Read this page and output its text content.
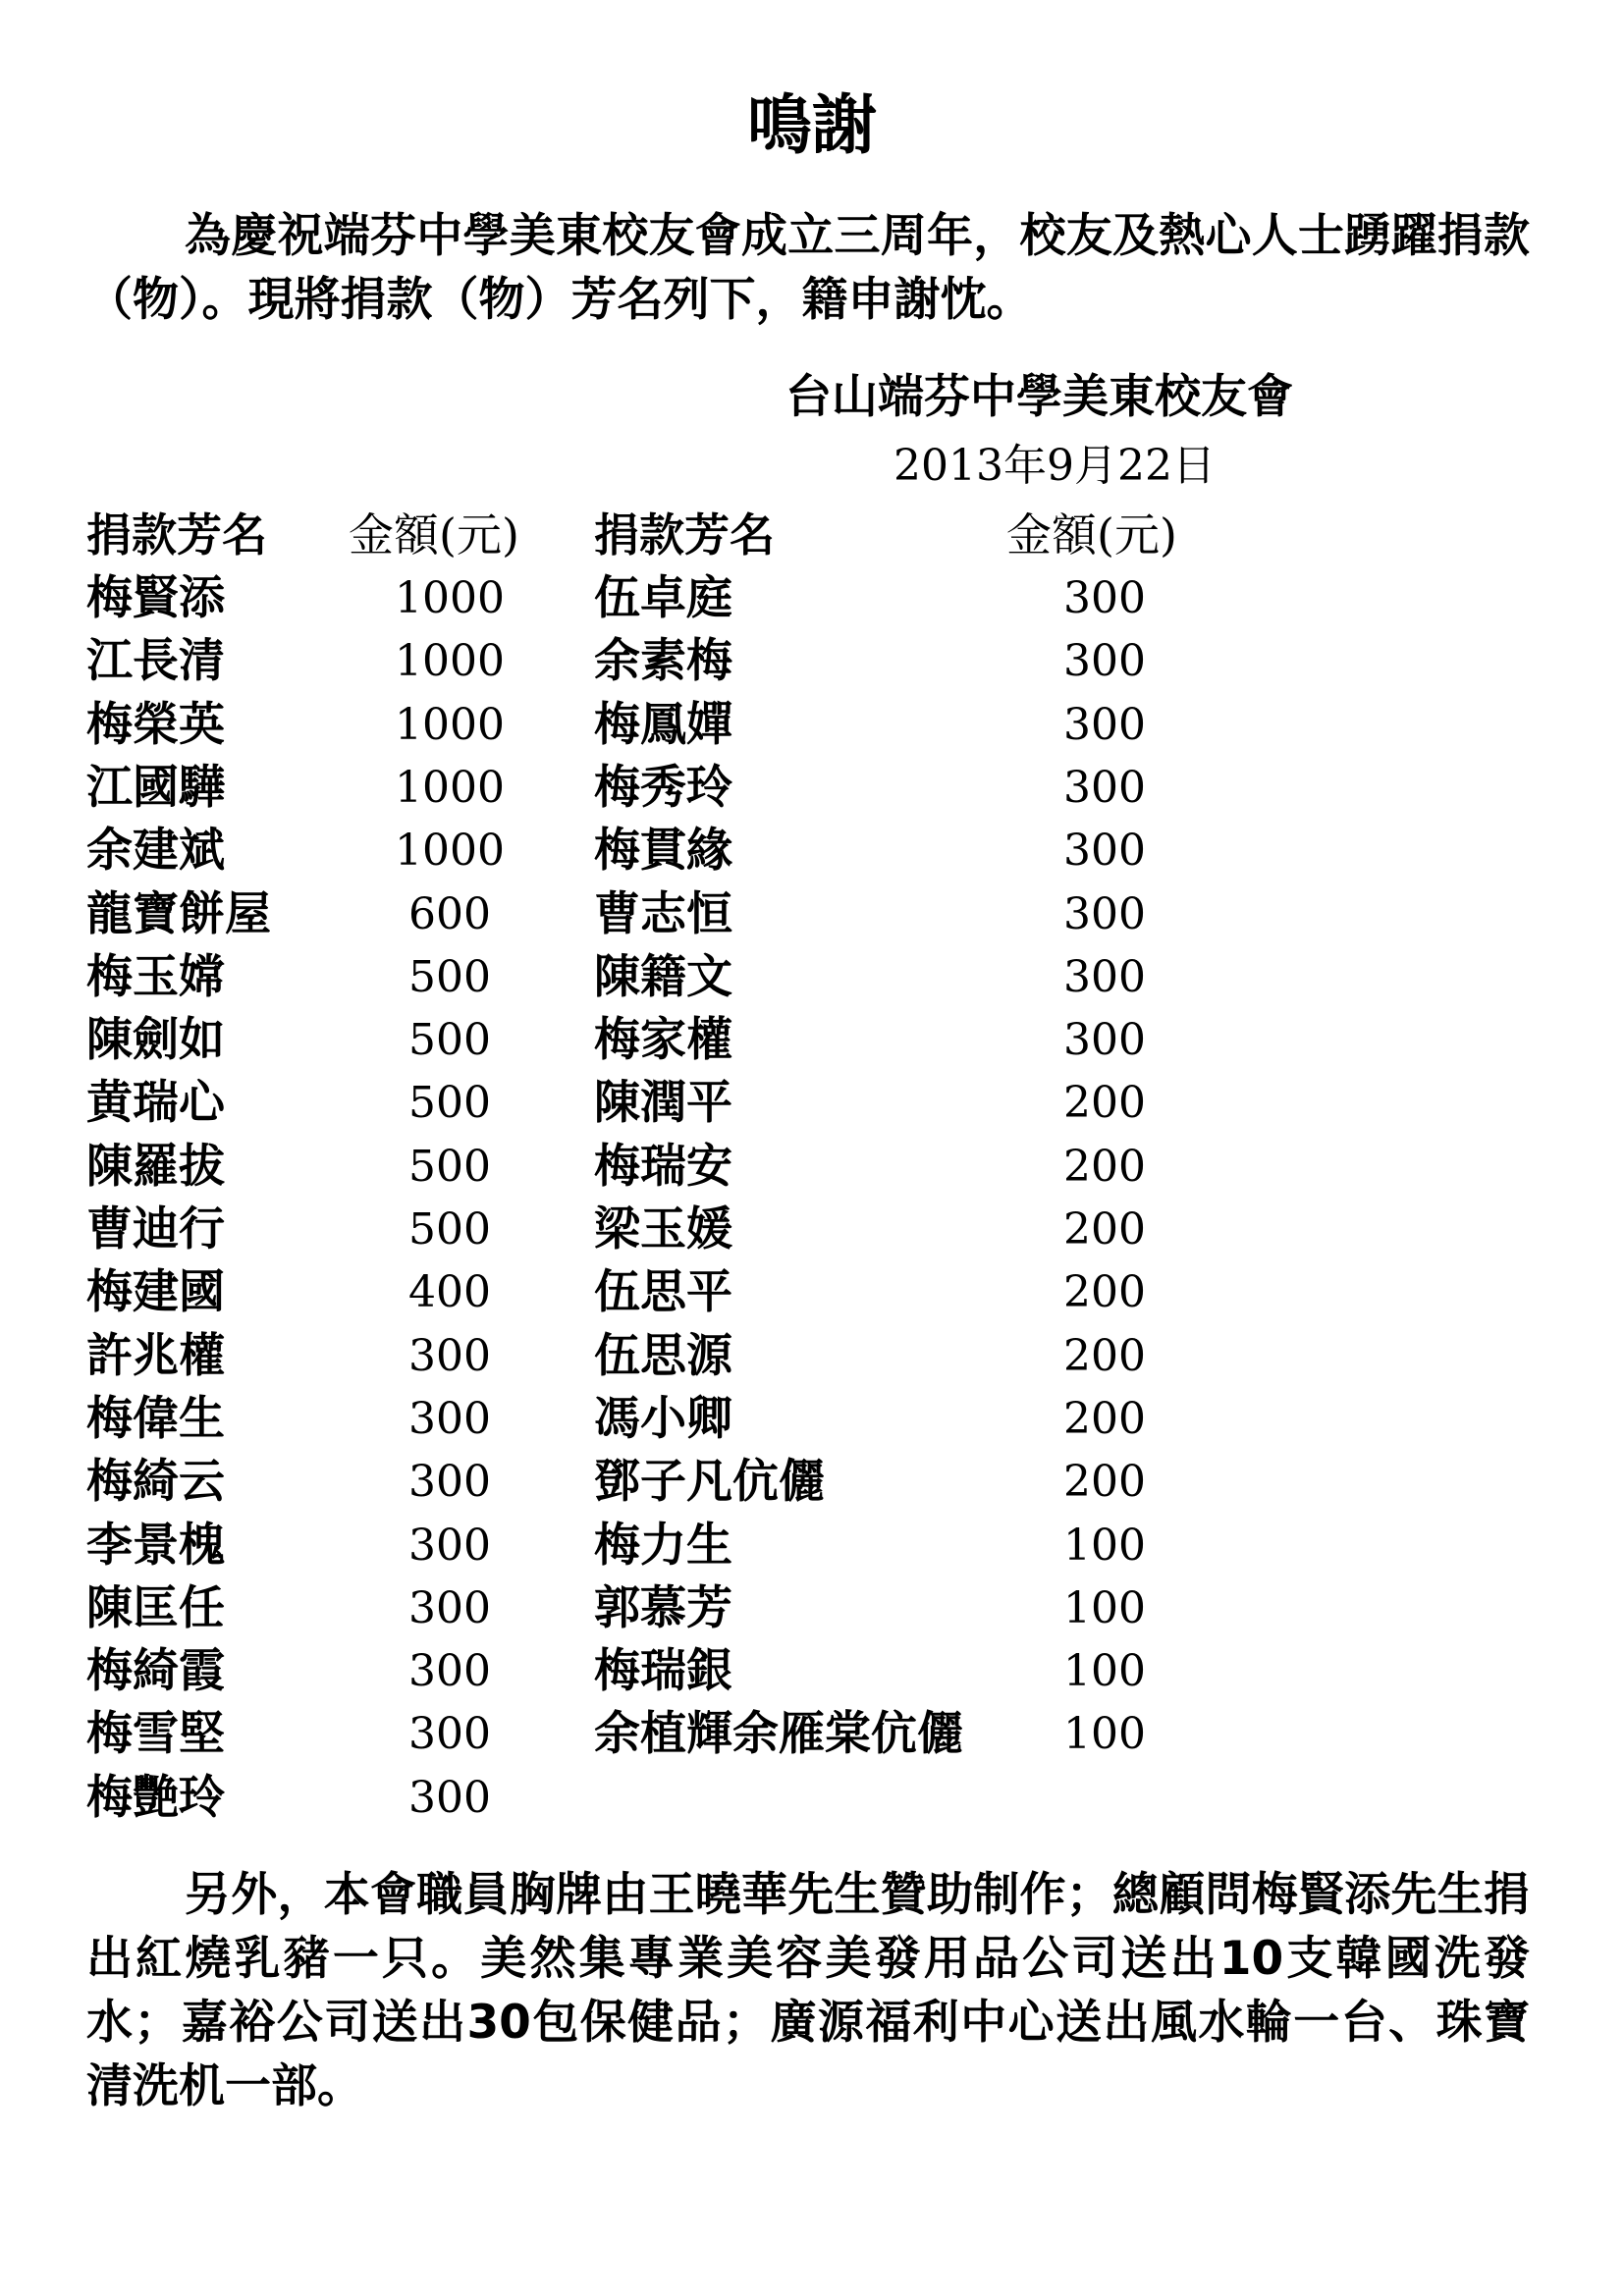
鳴謝
為慶祝端芬中學美東校友會成立三周年，校友及熱心人士踴躍捐款（物）。現將捐款（物）芳名列下，籍申謝忱。
台山端芬中學美東校友會
2013年9月22日
捐款芳名 金額(元) 捐款芳名	金額(元)
梅賢添	1000	伍卓庭	300
江長清	1000	余素梅	300
梅榮英	1000	梅鳳嬋	300
江國驊	1000	梅秀玲	300
余建斌	1000	梅貫緣	300
龍寶餅屋	600	曹志恒	300
梅玉嫦	500	陳籍文	300
陳劍如	500	梅家權	300
黄瑞心	500	陳潤平	200
陳羅拔	500	梅瑞安	200
曹迪行	500	梁玉媛	200
梅建國	400	伍思平	200
許兆權	300	伍思源	200
梅偉生	300	馮小卿	200
梅綺云	300	鄧子凡伉儷	200
李景槐	300	梅力生	100
陳匡任	300	郭慕芳	100
梅綺霞	300	梅瑞銀	100
梅雪堅	300	余植輝余雁棠伉儷	100
梅艷玲	300
另外，本會職員胸牌由王曉華先生贊助制作；總顧問梅賢添先生捐出紅燒乳豬一只。美然集專業美容美發用品公司送出10支韓國洗發水；嘉裕公司送出30包保健品；廣源福利中心送出風水輪一台、珠寶清洗机一部。
